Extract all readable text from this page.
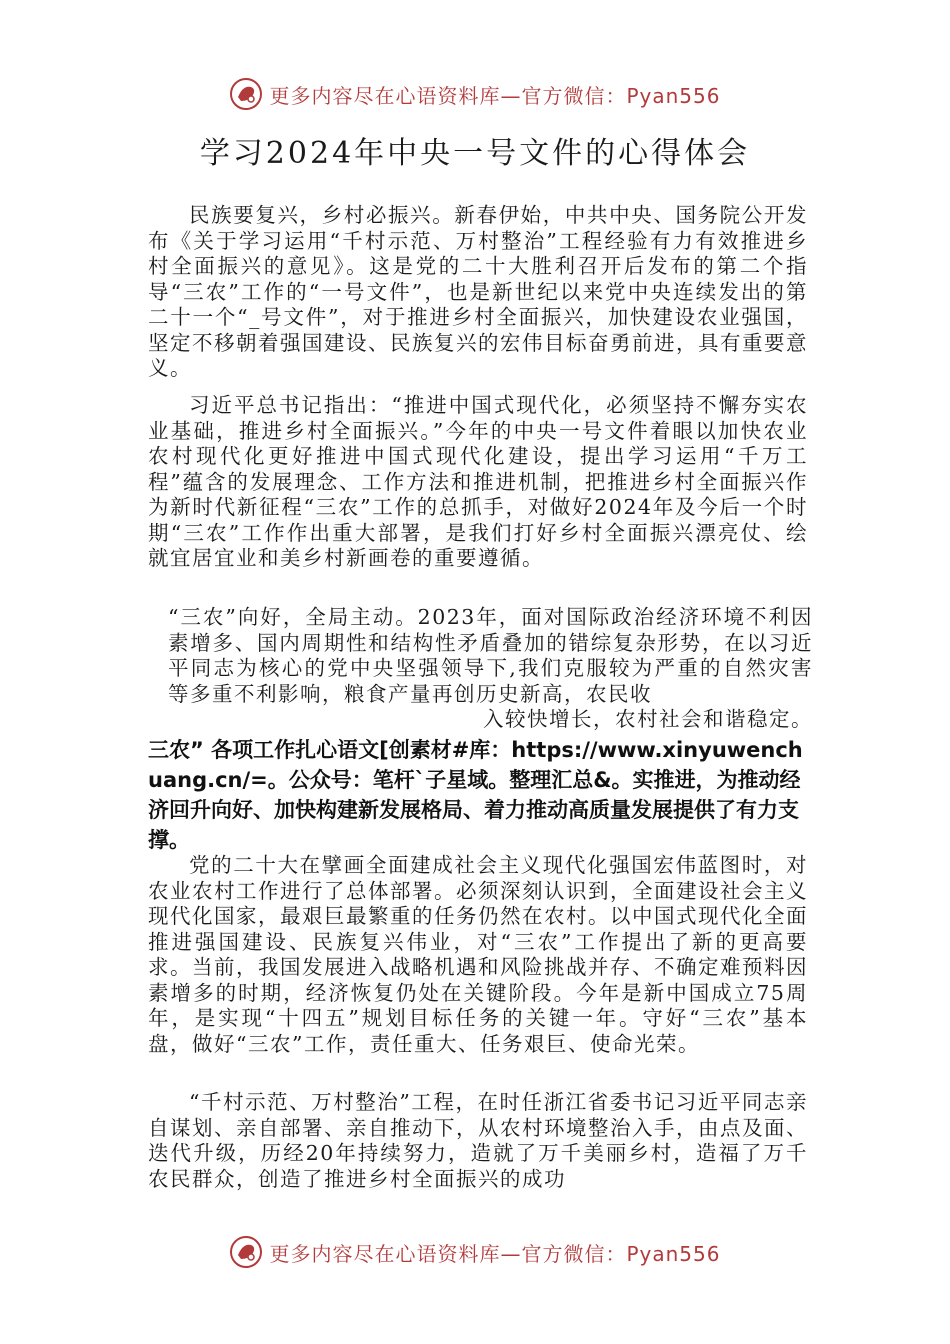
更多内容尽在心语资料库—官方微信：Pyan556
学习2024年中央一号文件的心得体会

民族要复兴，乡村必振兴。新春伊始，中共中央、国务院公开发布《关于学习运用“千村示范、万村整治”工程经验有力有效推进乡村全面振兴的意见》。这是党的二十大胜利召开后发布的第二个指导“三农”工作的“一号文件”，也是新世纪以来党中央连续发出的第二十一个“_号文件”，对于推进乡村全面振兴，加快建设农业强国，坚定不移朝着强国建设、民族复兴的宏伟目标奋勇前进，具有重要意义。

习近平总书记指出：“推进中国式现代化，必须坚持不懈夯实农业基础，推进乡村全面振兴。”今年的中央一号文件着眼以加快农业农村现代化更好推进中国式现代化建设，提出学习运用“千万工程”蕴含的发展理念、工作方法和推进机制，把推进乡村全面振兴作为新时代新征程“三农”工作的总抓手，对做好2024年及今后一个时期“三农”工作作出重大部署，是我们打好乡村全面振兴漂亮仗、绘就宜居宜业和美乡村新画卷的重要遵循。

“三农”向好，全局主动。2023年，面对国际政治经济环境不利因素增多、国内周期性和结构性矛盾叠加的错综复杂形势，在以习近平同志为核心的党中央坚强领导下,我们克服较为严重的自然灾害等多重不利影响，粮食产量再创历史新高，农民收
入较快增长，农村社会和谐稳定。

三农” 各项工作扎心语文[创素材#库：https://www.xinyuwenchuang.cn/=。公众号：笔杆`子星域。整理汇总&。实推进，为推动经济回升向好、加快构建新发展格局、着力推动高质量发展提供了有力支撑。

党的二十大在擘画全面建成社会主义现代化强国宏伟蓝图时，对农业农村工作进行了总体部署。必须深刻认识到，全面建设社会主义现代化国家，最艰巨最繁重的任务仍然在农村。以中国式现代化全面推进强国建设、民族复兴伟业，对“三农”工作提出了新的更高要求。当前，我国发展进入战略机遇和风险挑战并存、不确定难预料因素增多的时期，经济恢复仍处在关键阶段。今年是新中国成立75周年，是实现“十四五”规划目标任务的关键一年。守好“三农”基本盘，做好“三农”工作，责任重大、任务艰巨、使命光荣。

“千村示范、万村整治”工程，在时任浙江省委书记习近平同志亲自谋划、亲自部署、亲自推动下，从农村环境整治入手，由点及面、迭代升级，历经20年持续努力，造就了万千美丽乡村，造福了万千农民群众，创造了推进乡村全面振兴的成功

更多内容尽在心语资料库—官方微信：Pyan556
